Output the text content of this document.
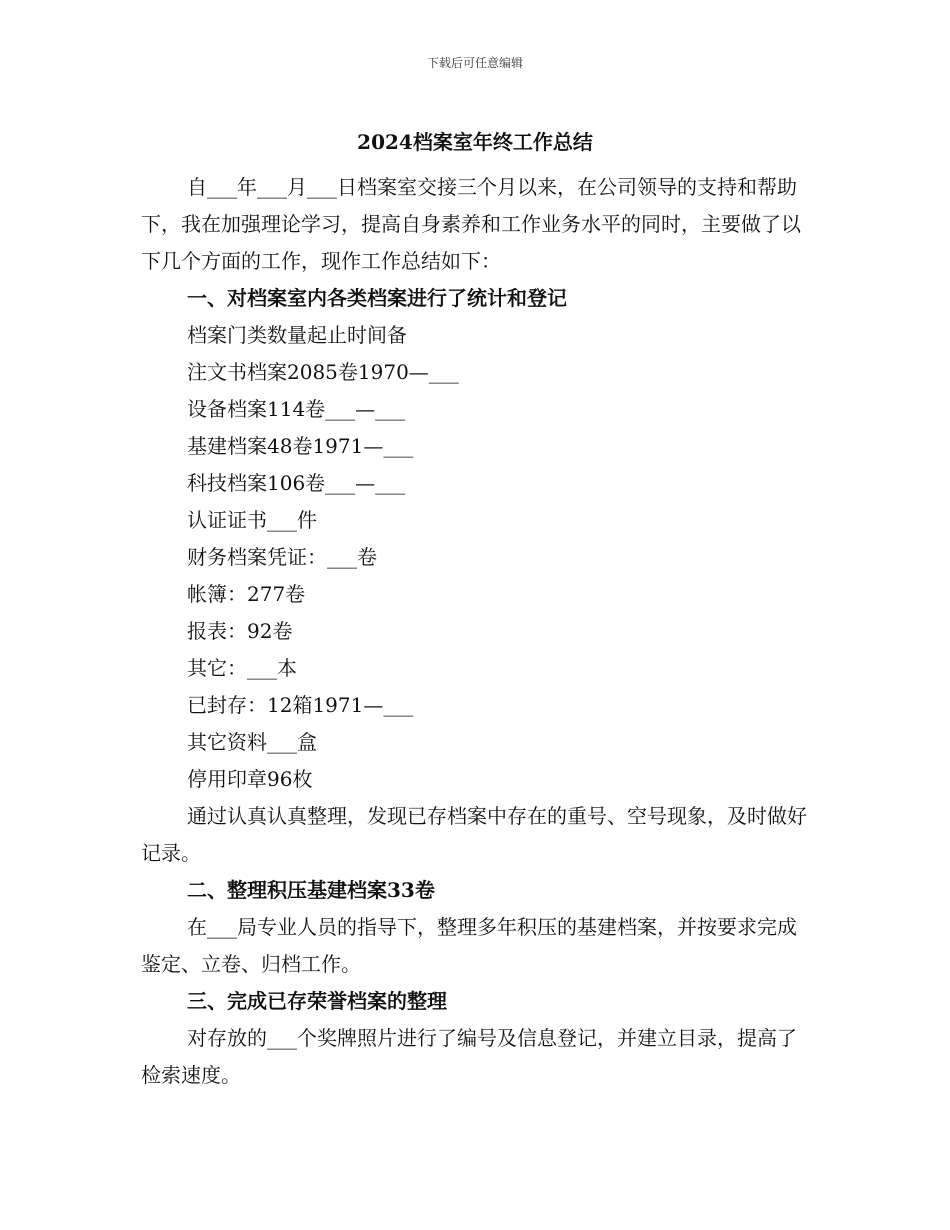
下载后可任意编辑
2024档案室年终工作总结

自___年___月___日档案室交接三个月以来，在公司领导的支持和帮助下，我在加强理论学习，提高自身素养和工作业务水平的同时，主要做了以下几个方面的工作，现作工作总结如下：

一、对档案室内各类档案进行了统计和登记

档案门类数量起止时间备

注文书档案2085卷1970—___

设备档案114卷___—___

基建档案48卷1971—___

科技档案106卷___—___

认证证书___件

财务档案凭证：___卷

帐簿：277卷

报表：92卷

其它：___本

已封存：12箱1971—___

其它资料___盒

停用印章96枚

通过认真认真整理，发现已存档案中存在的重号、空号现象，及时做好记录。

二、整理积压基建档案33卷

在___局专业人员的指导下，整理多年积压的基建档案，并按要求完成鉴定、立卷、归档工作。

三、完成已存荣誉档案的整理

对存放的___个奖牌照片进行了编号及信息登记，并建立目录，提高了检索速度。
